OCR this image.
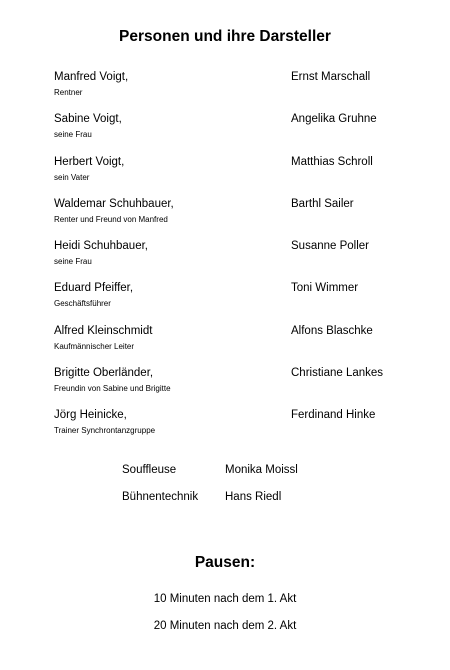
Personen und ihre Darsteller
Manfred Voigt,
Rentner
Ernst Marschall
Sabine Voigt,
seine Frau
Angelika Gruhne
Herbert Voigt,
sein Vater
Matthias Schroll
Waldemar Schuhbauer,
Renter und Freund von Manfred
Barthl Sailer
Heidi Schuhbauer,
seine Frau
Susanne Poller
Eduard Pfeiffer,
Geschäftsführer
Toni Wimmer
Alfred Kleinschmidt
Kaufmännischer Leiter
Alfons Blaschke
Brigitte Oberländer,
Freundin von Sabine und Brigitte
Christiane Lankes
Jörg Heinicke,
Trainer Synchrontanzgruppe
Ferdinand Hinke
Souffleuse	Monika Moissl
Bühnentechnik Hans Riedl
Pausen:
10 Minuten nach dem 1. Akt
20 Minuten nach dem 2. Akt
